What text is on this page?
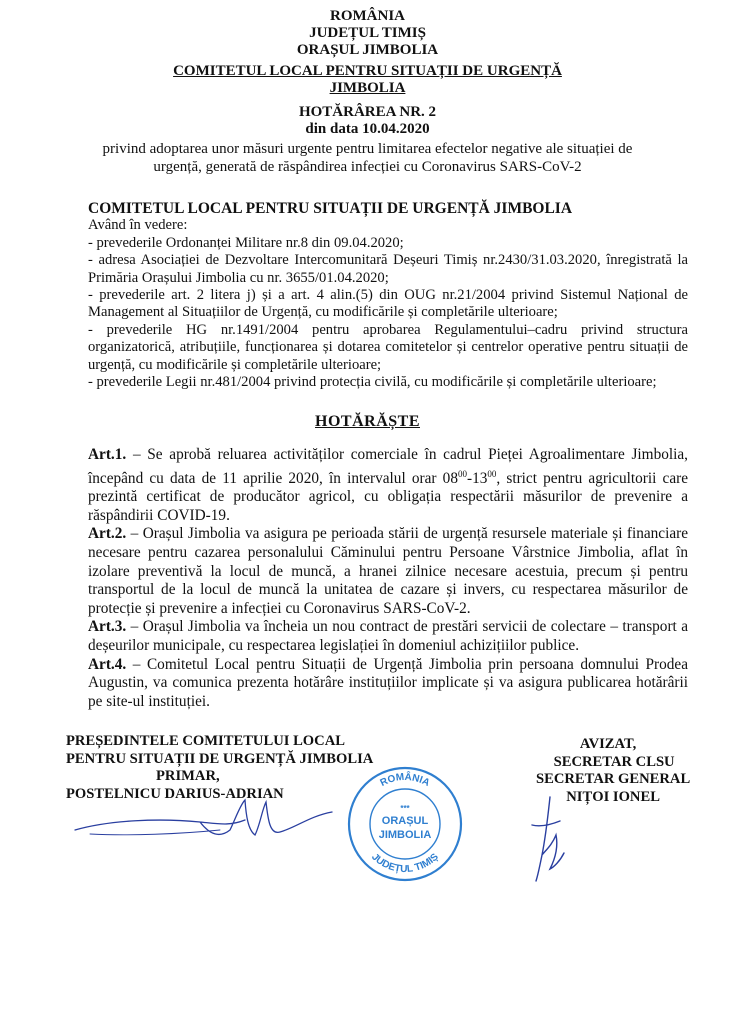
ROMÂNIA
JUDEȚUL TIMIȘ
ORAȘUL JIMBOLIA
COMITETUL LOCAL PENTRU SITUAȚII DE URGENȚĂ
JIMBOLIA
HOTĂRÂREA NR. 2
din data 10.04.2020
privind adoptarea unor măsuri urgente pentru limitarea efectelor negative ale situației de
urgență, generată de răspândirea infecției cu Coronavirus SARS-CoV-2

COMITETUL LOCAL PENTRU SITUAȚII DE URGENȚĂ JIMBOLIA

Având în vedere:

- prevederile Ordonanței Militare nr.8 din 09.04.2020;

- adresa Asociației de Dezvoltare Intercomunitară Deșeuri Timiș nr.2430/31.03.2020, înregistrată la Primăria Orașului Jimbolia cu nr. 3655/01.04.2020;

- prevederile art. 2 litera j) și a art. 4 alin.(5) din OUG nr.21/2004 privind Sistemul Național de Management al Situațiilor de Urgență, cu modificările și completările ulterioare;

- prevederile HG nr.1491/2004 pentru aprobarea Regulamentului–cadru privind structura organizatorică, atribuțiile, funcționarea și dotarea comitetelor și centrelor operative pentru situații de urgență, cu modificările și completările ulterioare;

- prevederile Legii nr.481/2004 privind protecția civilă, cu modificările și completările ulterioare;

HOTĂRĂȘTE

Art.1. – Se aprobă reluarea activităților comerciale în cadrul Pieței Agroalimentare Jimbolia, începând cu data de 11 aprilie 2020, în intervalul orar $08^{00}-13^{00}$, strict pentru agricultorii care prezintă certificat de producător agricol, cu obligația respectării măsurilor de prevenire a răspândirii COVID-19.

Art.2. – Orașul Jimbolia va asigura pe perioada stării de urgență resursele materiale și financiare necesare pentru cazarea personalului Căminului pentru Persoane Vârstnice Jimbolia, aflat în izolare preventivă la locul de muncă, a hranei zilnice necesare acestuia, precum și pentru transportul de la locul de muncă la unitatea de cazare și invers, cu respectarea măsurilor de protecție și prevenire a infecției cu Coronavirus SARS-CoV-2.

Art.3. – Orașul Jimbolia va încheia un nou contract de prestări servicii de colectare – transport a deșeurilor municipale, cu respectarea legislației în domeniul achizițiilor publice.

Art.4. – Comitetul Local pentru Situații de Urgență Jimbolia prin persoana domnului Prodea Augustin, va comunica prezenta hotărâre instituțiilor implicate și va asigura publicarea hotărârii pe site-ul instituției.

PREȘEDINTELE COMITETULUI LOCAL
PENTRU SITUAȚII DE URGENȚĂ JIMBOLIA
PRIMAR,
POSTELNICU DARIUS-ADRIAN
AVIZAT,
SECRETAR CLSU
SECRETAR GENERAL
NIȚOI IONEL
ROMÂNIA
JUDEȚUL TIMIȘ
***
ORAȘUL
JIMBOLIA
